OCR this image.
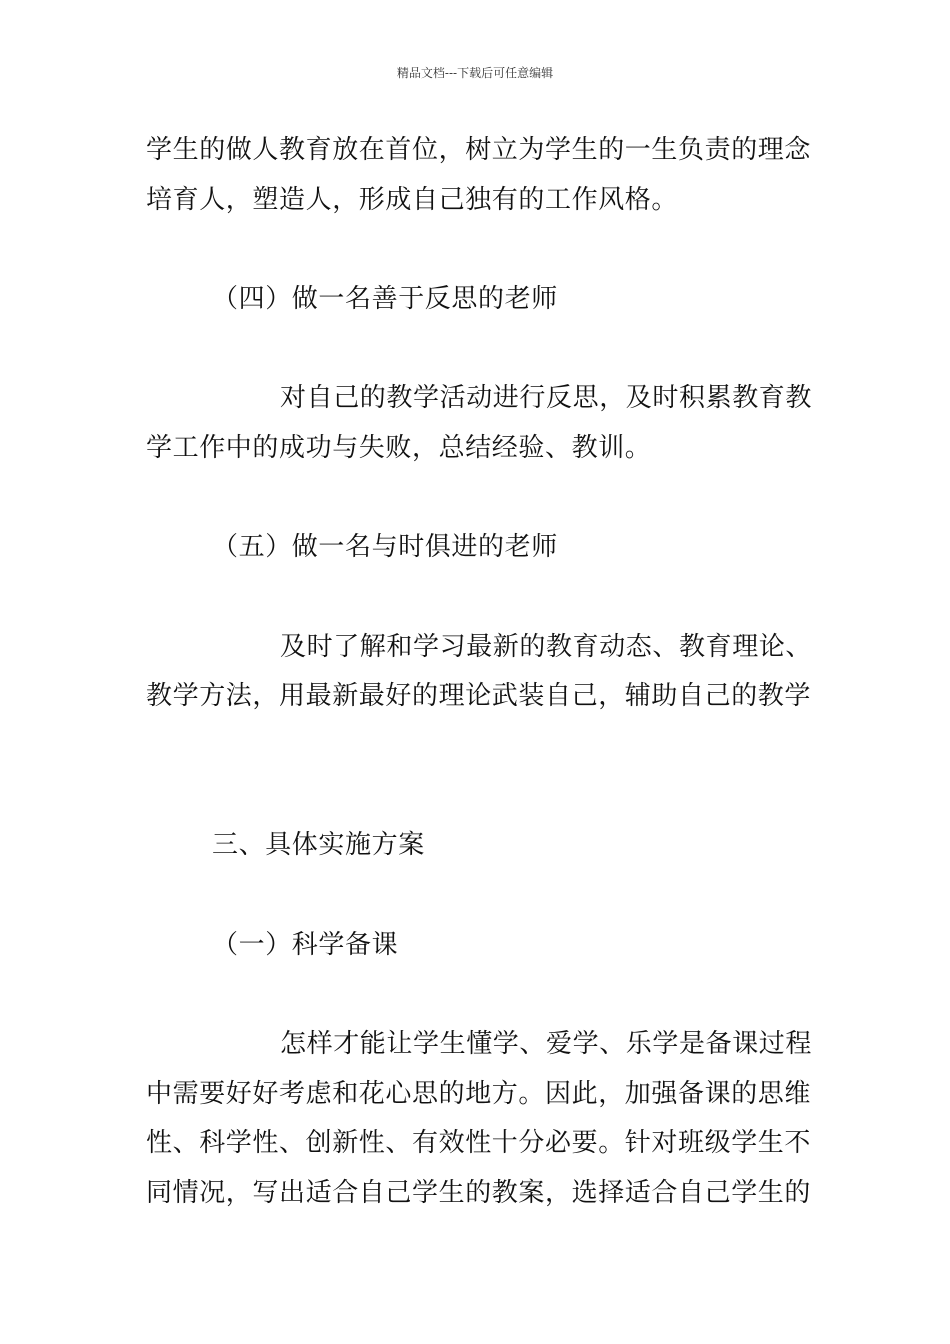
精品文档---下载后可任意编辑
学生的做人教育放在首位，树立为学生的一生负责的理念
培育人，塑造人，形成自己独有的工作风格。
（四）做一名善于反思的老师
对自己的教学活动进行反思，及时积累教育教
学工作中的成功与失败，总结经验、教训。
（五）做一名与时俱进的老师
及时了解和学习最新的教育动态、教育理论、
教学方法，用最新最好的理论武装自己，辅助自己的教学
三、具体实施方案
（一）科学备课
怎样才能让学生懂学、爱学、乐学是备课过程
中需要好好考虑和花心思的地方。因此，加强备课的思维
性、科学性、创新性、有效性十分必要。针对班级学生不
同情况，写出适合自己学生的教案，选择适合自己学生的
